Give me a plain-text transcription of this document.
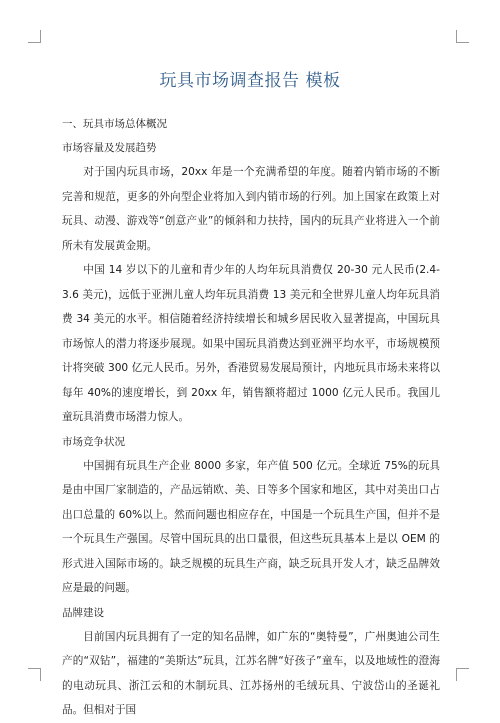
玩具市场调查报告 模板
一、玩具市场总体概况
市场容量及发展趋势

对于国内玩具市场，20xx 年是一个充满希望的年度。随着内销市场的不断完善和规范，更多的外向型企业将加入到内销市场的行列。加上国家在政策上对玩具、动漫、游戏等“创意产业”的倾斜和力扶持，国内的玩具产业将进入一个前所未有发展黄金期。

中国 14 岁以下的儿童和青少年的人均年玩具消费仅 20-30 元人民币(2.4-3.6 美元)，远低于亚洲儿童人均年玩具消费 13 美元和全世界儿童人均年玩具消费 34 美元的水平。相信随着经济持续增长和城乡居民收入显著提高，中国玩具市场惊人的潜力将逐步展现。如果中国玩具消费达到亚洲平均水平，市场规模预计将突破 300 亿元人民币。另外，香港贸易发展局预计，内地玩具市场未来将以每年 40%的速度增长，到 20xx 年，销售额将超过 1000 亿元人民币。我国儿童玩具消费市场潜力惊人。

市场竞争状况

中国拥有玩具生产企业 8000 多家，年产值 500 亿元。全球近 75%的玩具是由中国厂家制造的，产品远销欧、美、日等多个国家和地区，其中对美出口占出口总量的 60%以上。然而问题也相应存在，中国是一个玩具生产国，但并不是一个玩具生产强国。尽管中国玩具的出口量很，但这些玩具基本上是以 OEM 的形式进入国际市场的。缺乏规模的玩具生产商，缺乏玩具开发人才，缺乏品牌效应是最的问题。

品牌建设

目前国内玩具拥有了一定的知名品牌，如广东的“奥特曼”，广州奥迪公司生产的“双钻”，福建的“美斯达”玩具，江苏名牌“好孩子”童车，以及地域性的澄海的电动玩具、浙江云和的木制玩具、江苏扬州的毛绒玩具、宁波岱山的圣诞礼品。但相对于国
